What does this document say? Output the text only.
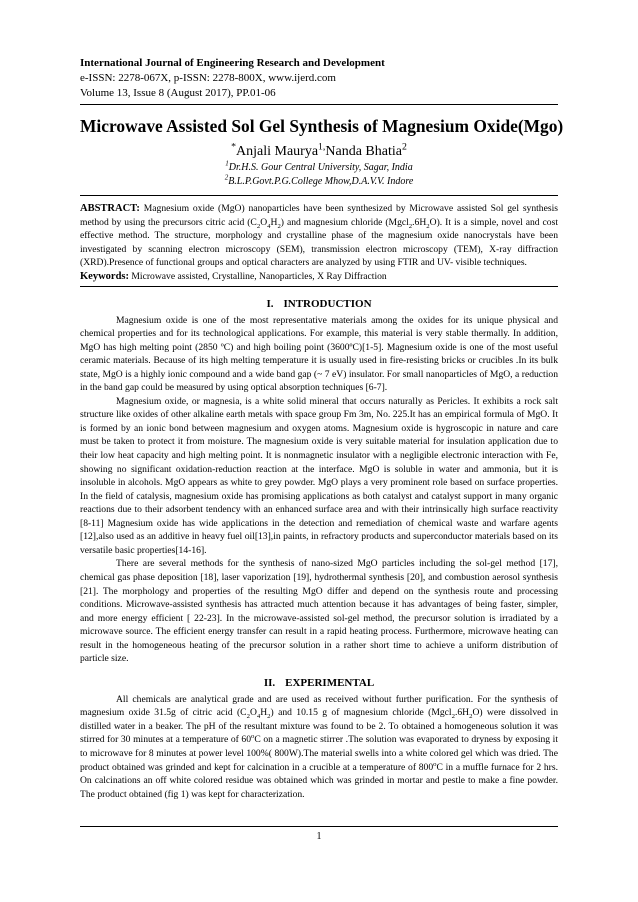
International Journal of Engineering Research and Development
e-ISSN: 2278-067X, p-ISSN: 2278-800X, www.ijerd.com
Volume 13, Issue 8 (August 2017), PP.01-06
Microwave Assisted Sol Gel Synthesis of Magnesium Oxide(Mgo)
*Anjali Maurya$^{1,}$Nanda Bhatia$^2$
$^1$Dr.H.S. Gour Central University, Sagar, India
$^2$B.L.P.Govt.P.G.College Mhow,D.A.V.V. Indore
ABSTRACT: Magnesium oxide (MgO) nanoparticles have been synthesized by Microwave assisted Sol gel synthesis method by using the precursors citric acid $(C_2O_4H_2)$ and magnesium chloride $(Mgcl_2.6H_2O)$. It is a simple, novel and cost effective method. The structure, morphology and crystalline phase of the magnesium oxide nanocrystals have been investigated by scanning electron microscopy (SEM), transmission electron microscopy (TEM), X-ray diffraction (XRD).Presence of functional groups and optical characters are analyzed by using FTIR and UV- visible techniques.
Keywords: Microwave assisted, Crystalline, Nanoparticles, X Ray Diffraction
I. INTRODUCTION

Magnesium oxide is one of the most representative materials among the oxides for its unique physical and chemical properties and for its technological applications. For example, this material is very stable thermally. In addition, MgO has high melting point (2850 ºC) and high boiling point (3600ºC)[1-5]. Magnesium oxide is one of the most useful ceramic materials. Because of its high melting temperature it is usually used in fire-resisting bricks or crucibles .In its bulk state, MgO is a highly ionic compound and a wide band gap (~ 7 eV) insulator. For small nanoparticles of MgO, a reduction in the band gap could be measured by using optical absorption techniques [6-7].

Magnesium oxide, or magnesia, is a white solid mineral that occurs naturally as Pericles. It exhibits a rock salt structure like oxides of other alkaline earth metals with space group Fm 3m, No. 225.It has an empirical formula of MgO. It is formed by an ionic bond between magnesium and oxygen atoms. Magnesium oxide is hygroscopic in nature and care must be taken to protect it from moisture. The magnesium oxide is very suitable material for insulation application due to their low heat capacity and high melting point. It is nonmagnetic insulator with a negligible electronic interaction with Fe, showing no significant oxidation-reduction reaction at the interface. MgO is soluble in water and ammonia, but it is insoluble in alcohols. MgO appears as white to grey powder. MgO plays a very prominent role based on surface properties. In the field of catalysis, magnesium oxide has promising applications as both catalyst and catalyst support in many organic reactions due to their adsorbent tendency with an enhanced surface area and with their intrinsically high surface reactivity [8-11] Magnesium oxide has wide applications in the detection and remediation of chemical waste and warfare agents [12],also used as an additive in heavy fuel oil[13],in paints, in refractory products and superconductor materials based on its versatile basic properties[14-16].

There are several methods for the synthesis of nano-sized MgO particles including the sol-gel method [17], chemical gas phase deposition [18], laser vaporization [19], hydrothermal synthesis [20], and combustion aerosol synthesis [21]. The morphology and properties of the resulting MgO differ and depend on the synthesis route and processing conditions. Microwave-assisted synthesis has attracted much attention because it has advantages of being faster, simpler, and more energy efficient [ 22-23]. In the microwave-assisted sol-gel method, the precursor solution is irradiated by a microwave source. The efficient energy transfer can result in a rapid heating process. Furthermore, microwave heating can result in the homogeneous heating of the precursor solution in a rather short time to achieve a uniform distribution of particle size.

II. EXPERIMENTAL

All chemicals are analytical grade and are used as received without further purification. For the synthesis of magnesium oxide 31.5g of citric acid $(C_2O_4H_2)$ and 10.15 g of magnesium chloride $(Mgcl_2.6H_2O)$ were dissolved in distilled water in a beaker. The pH of the resultant mixture was found to be 2. To obtained a homogeneous solution it was stirred for 30 minutes at a temperature of 60$^o$C on a magnetic stirrer .The solution was evaporated to dryness by exposing it to microwave for 8 minutes at power level 100%( 800W).The material swells into a white colored gel which was dried. The product obtained was grinded and kept for calcination in a crucible at a temperature of 800$^o$C in a muffle furnace for 2 hrs. On calcinations an off white colored residue was obtained which was grinded in mortar and pestle to make a fine powder. The product obtained (fig 1) was kept for characterization.

1
